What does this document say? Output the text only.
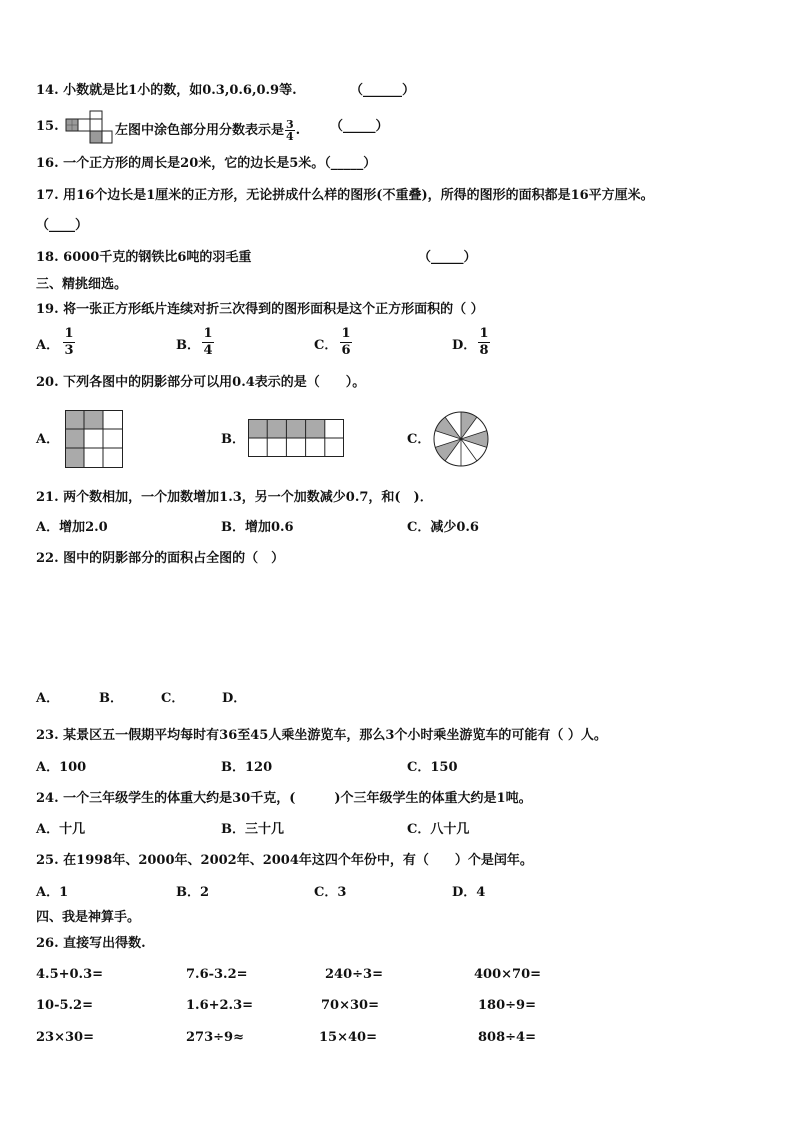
14. 小数就是比1小的数，如0.3,0.6,0.9等.	（______）
15.	左图中涂色部分用分数表示是 $\frac{3}{4}$ . （_____）
16. 一个正方形的周长是20米，它的边长是5米。（_____）
17. 用16个边长是1厘米的正方形，无论拼成什么样的图形(不重叠)，所得的图形的面积都是16平方厘米。
（____）
18. 6000千克的钢铁比6吨的羽毛重	（_____）
三、精挑细选。
19. 将一张正方形纸片连续对折三次得到的图形面积是这个正方形面积的（ ）
A． $\frac{1}{3}$	B． $\frac{1}{4}$	C． $\frac{1}{6}$	D． $\frac{1}{8}$
20. 下列各图中的阴影部分可以用0.4表示的是（　　）。
A．	B．	C．
21. 两个数相加，一个加数增加1.3，另一个加数减少0.7，和(　)．
A．增加2.0	B．增加0.6	C．减少0.6
22. 图中的阴影部分的面积占全图的（　）
A．	B．	C．	D．
23. 某景区五一假期平均每时有36至45人乘坐游览车，那么3个小时乘坐游览车的可能有（ ）人。
A．100	B．120	C．150
24. 一个三年级学生的体重大约是30千克，(　　　)个三年级学生的体重大约是1吨。
A．十几	B．三十几	C．八十几
25. 在1998年、2000年、2002年、2004年这四个年份中，有（　　）个是闰年。
A．1	B．2	C．3	D．4
四、我是神算手。
26. 直接写出得数.
4.5+0.3=	7.6-3.2=	240÷3=	400×70=
10-5.2=	1.6+2.3=	70×30=	180÷9=
23×30=	273÷9≈	15×40=	808÷4=
